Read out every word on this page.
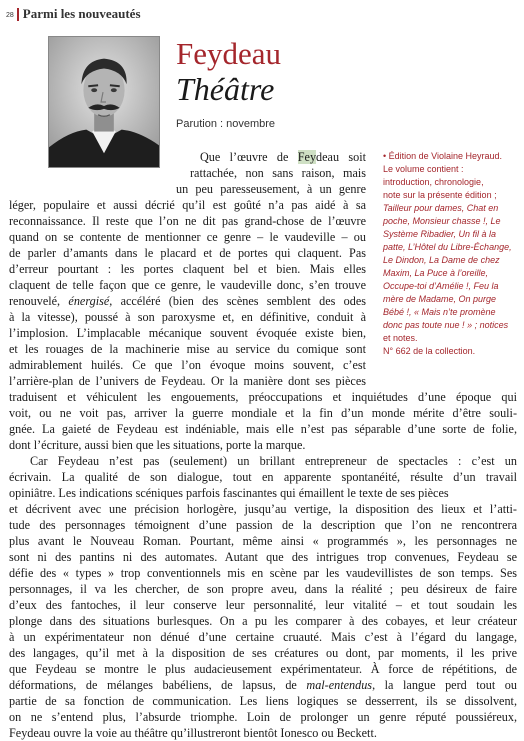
28 Parmi les nouveautés
Feydeau
Théâtre
Parution : novembre

• Édition de Violaine Heyraud.

Le volume contient :

introduction, chronologie,

note sur la présente édition ;

Tailleur pour dames, Chat en

poche, Monsieur chasse !, Le

Système Ribadier, Un fil à la

patte, L’Hôtel du Libre-Échange,

Le Dindon, La Dame de chez

Maxim, La Puce à l’oreille,

Occupe-toi d’Amélie !, Feu la

mère de Madame, On purge

Bébé !, « Mais n’te promène

donc pas toute nue ! » ; notices

et notes.

N° 662 de la collection.

Que l’œuvre de Feydeau soit
rattachée, non sans raison, mais
un peu paresseusement, à un genre
léger, populaire et aussi décrié qu’il est goûté n’a pas aidé à sa
reconnaissance. Il reste que l’on ne dit pas grand-chose de l’œuvre
quand on se contente de mentionner ce genre – le vaudeville – ou
de parler d’amants dans le placard et de portes qui claquent. Pas
d’erreur pourtant : les portes claquent bel et bien. Mais elles
claquent de telle façon que ce genre, le vaudeville donc, s’en trouve
renouvelé, énergisé, accéléré (bien des scènes semblent des odes
à la vitesse), poussé à son paroxysme et, en définitive, conduit à
l’implosion. L’implacable mécanique souvent évoquée existe bien,
et les rouages de la machinerie mise au service du comique sont
admirablement huilés. Ce que l’on évoque moins souvent, c’est
l’arrière-plan de l’univers de Feydeau. Or la manière dont ses pièces
traduisent et véhiculent les engouements, préoccupations et inquiétudes d’une époque qui
voit, ou ne voit pas, arriver la guerre mondiale et la fin d’un monde mérite d’être souli-
gnée. La gaieté de Feydeau est indéniable, mais elle n’est pas séparable d’une sorte de folie,
dont l’écriture, aussi bien que les situations, porte la marque.
Car Feydeau n’est pas (seulement) un brillant entrepreneur de spectacles : c’est un
écrivain. La qualité de son dialogue, tout en apparente spontanéité, résulte d’un travail
opiniâtre. Les indications scéniques parfois fascinantes qui émaillent le texte de ses pièces
et décrivent avec une précision horlogère, jusqu’au vertige, la disposition des lieux et l’atti-
tude des personnages témoignent d’une passion de la description que l’on ne rencontrera
plus avant le Nouveau Roman. Pourtant, même ainsi « programmés », les personnages ne
sont ni des pantins ni des automates. Autant que des intrigues trop convenues, Feydeau se
défie des « types » trop conventionnels mis en scène par les vaudevillistes de son temps. Ses
personnages, il va les chercher, de son propre aveu, dans la réalité ; peu désireux de faire
d’eux des fantoches, il leur conserve leur personnalité, leur vitalité – et tout soudain les
plonge dans des situations burlesques. On a pu les comparer à des cobayes, et leur créateur
à un expérimentateur non dénué d’une certaine cruauté. Mais c’est à l’égard du langage,
des langages, qu’il met à la disposition de ses créatures ou dont, par moments, il les prive
que Feydeau se montre le plus audacieusement expérimentateur. À force de répétitions, de
déformations, de mélanges babéliens, de lapsus, de mal-entendus, la langue perd tout ou
partie de sa fonction de communication. Les liens logiques se desserrent, ils se dissolvent,
on ne s’entend plus, l’absurde triomphe. Loin de prolonger un genre réputé poussiéreux,
Feydeau ouvre la voie au théâtre qu’illustreront bientôt Ionesco ou Beckett.
